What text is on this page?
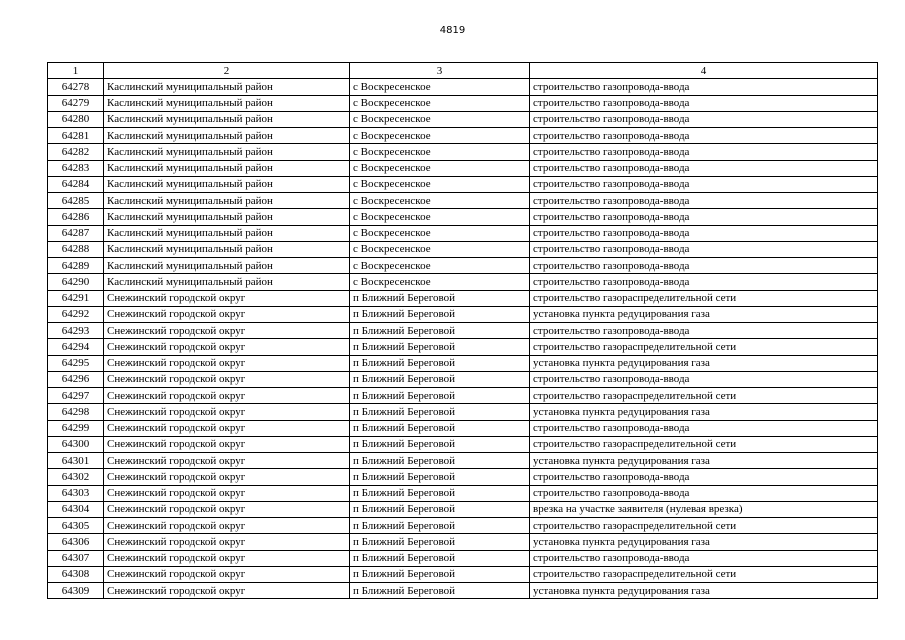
4819
1	2	3	4
64278	Каслинский муниципальный район	с Воскресенское	строительство газопровода-ввода
64279	Каслинский муниципальный район	с Воскресенское	строительство газопровода-ввода
64280	Каслинский муниципальный район	с Воскресенское	строительство газопровода-ввода
64281	Каслинский муниципальный район	с Воскресенское	строительство газопровода-ввода
64282	Каслинский муниципальный район	с Воскресенское	строительство газопровода-ввода
64283	Каслинский муниципальный район	с Воскресенское	строительство газопровода-ввода
64284	Каслинский муниципальный район	с Воскресенское	строительство газопровода-ввода
64285	Каслинский муниципальный район	с Воскресенское	строительство газопровода-ввода
64286	Каслинский муниципальный район	с Воскресенское	строительство газопровода-ввода
64287	Каслинский муниципальный район	с Воскресенское	строительство газопровода-ввода
64288	Каслинский муниципальный район	с Воскресенское	строительство газопровода-ввода
64289	Каслинский муниципальный район	с Воскресенское	строительство газопровода-ввода
64290	Каслинский муниципальный район	с Воскресенское	строительство газопровода-ввода
64291	Снежинский городской округ	п Ближний Береговой	строительство газораспределительной сети
64292	Снежинский городской округ	п Ближний Береговой	установка пункта редуцирования газа
64293	Снежинский городской округ	п Ближний Береговой	строительство газопровода-ввода
64294	Снежинский городской округ	п Ближний Береговой	строительство газораспределительной сети
64295	Снежинский городской округ	п Ближний Береговой	установка пункта редуцирования газа
64296	Снежинский городской округ	п Ближний Береговой	строительство газопровода-ввода
64297	Снежинский городской округ	п Ближний Береговой	строительство газораспределительной сети
64298	Снежинский городской округ	п Ближний Береговой	установка пункта редуцирования газа
64299	Снежинский городской округ	п Ближний Береговой	строительство газопровода-ввода
64300	Снежинский городской округ	п Ближний Береговой	строительство газораспределительной сети
64301	Снежинский городской округ	п Ближний Береговой	установка пункта редуцирования газа
64302	Снежинский городской округ	п Ближний Береговой	строительство газопровода-ввода
64303	Снежинский городской округ	п Ближний Береговой	строительство газопровода-ввода
64304	Снежинский городской округ	п Ближний Береговой	врезка на участке заявителя (нулевая врезка)
64305	Снежинский городской округ	п Ближний Береговой	строительство газораспределительной сети
64306	Снежинский городской округ	п Ближний Береговой	установка пункта редуцирования газа
64307	Снежинский городской округ	п Ближний Береговой	строительство газопровода-ввода
64308	Снежинский городской округ	п Ближний Береговой	строительство газораспределительной сети
64309	Снежинский городской округ	п Ближний Береговой	установка пункта редуцирования газа
